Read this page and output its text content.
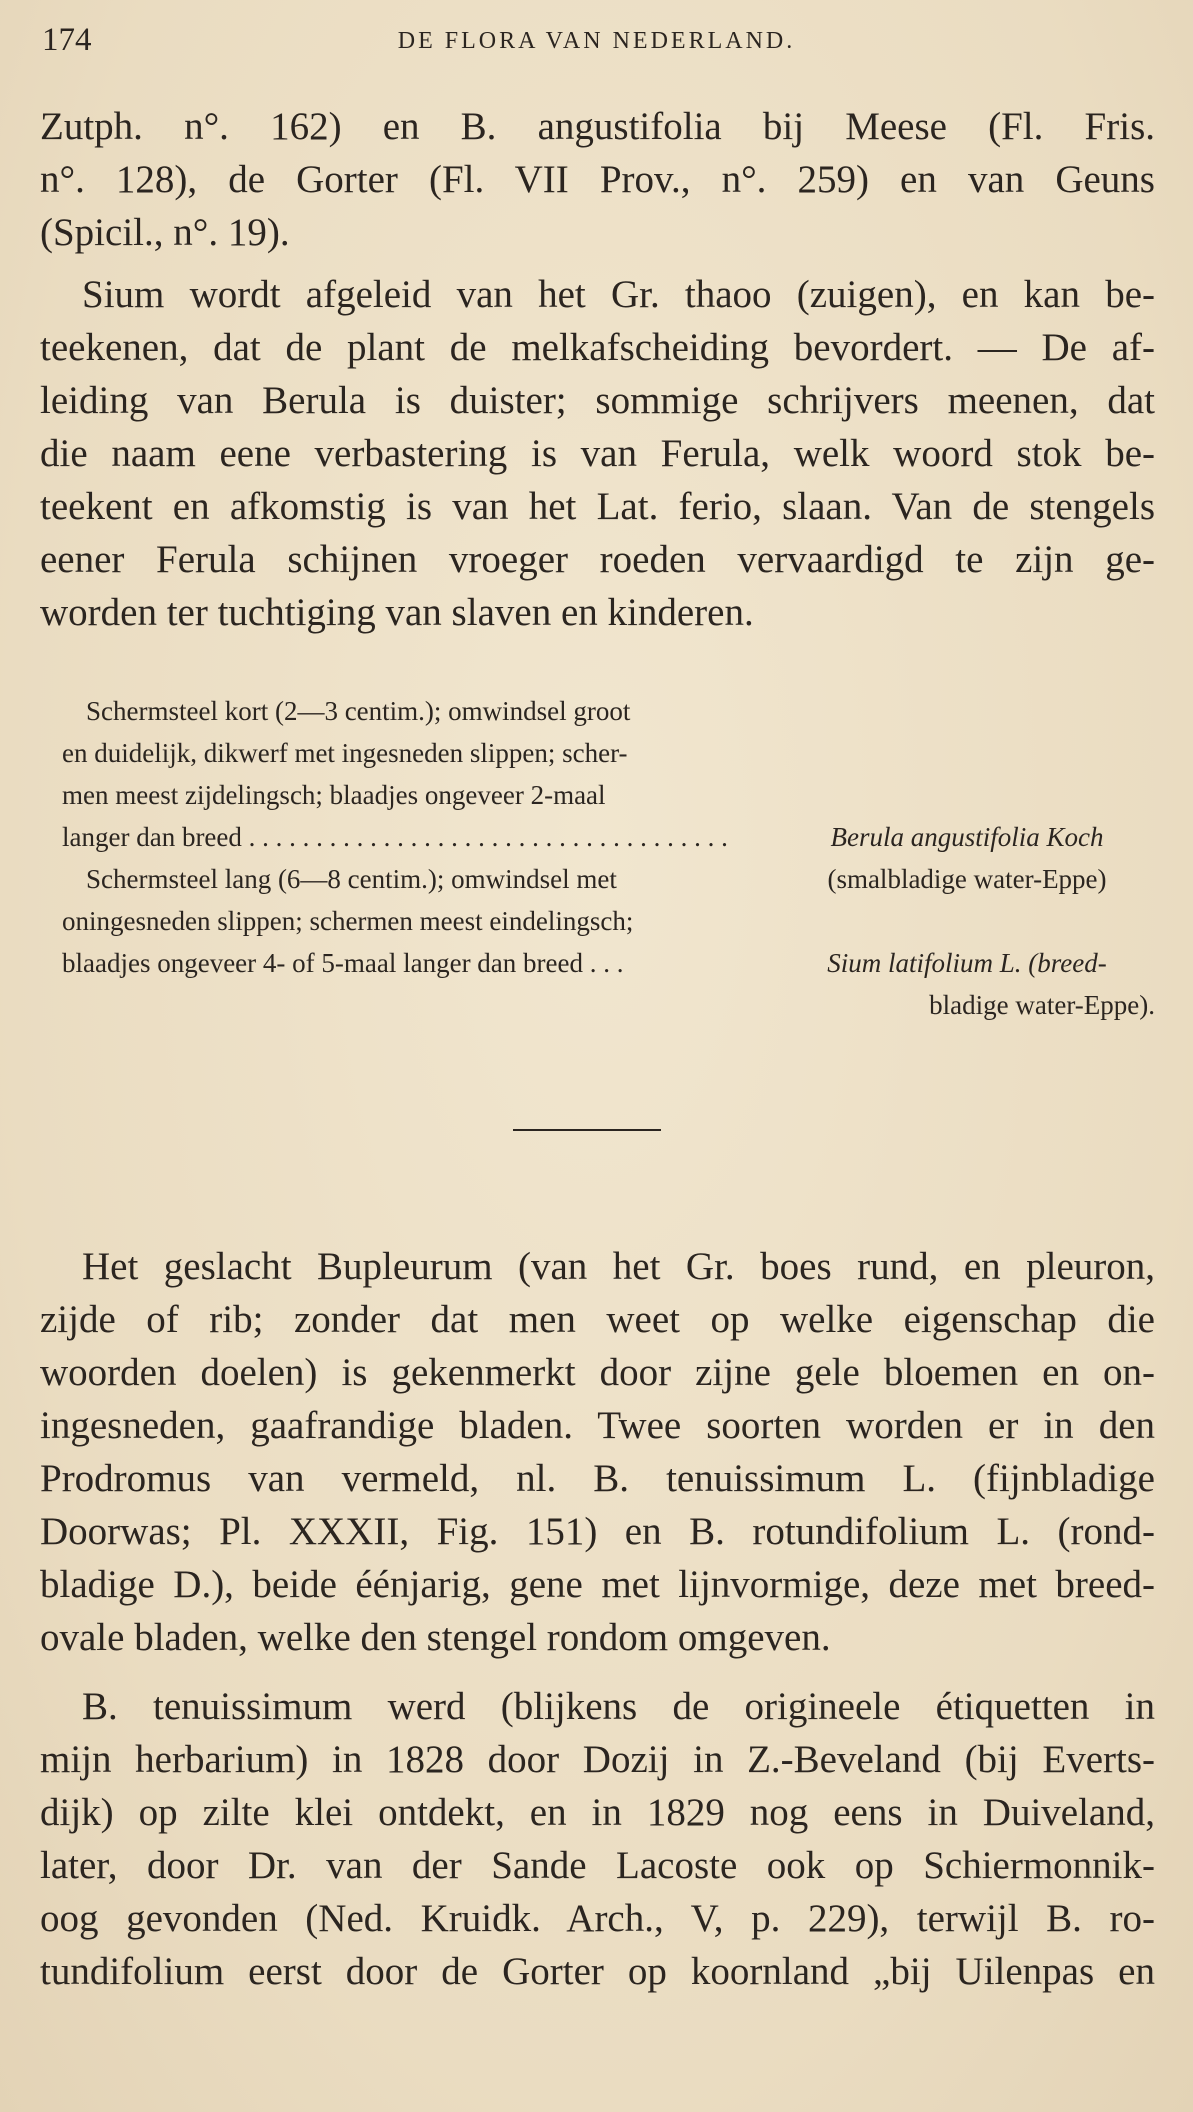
174	DE FLORA VAN NEDERLAND.
Zutph. n°. 162) en B. angustifolia bij Meese (Fl. Fris.
n°. 128), de Gorter (Fl. VII Prov., n°. 259) en van Geuns
(Spicil., n°. 19).
Sium wordt afgeleid van het Gr. thaoo (zuigen), en kan be-
teekenen, dat de plant de melkafscheiding bevordert. — De af-
leiding van Berula is duister; sommige schrijvers meenen, dat
die naam eene verbastering is van Ferula, welk woord stok be-
teekent en afkomstig is van het Lat. ferio, slaan. Van de stengels
eener Ferula schijnen vroeger roeden vervaardigd te zijn ge-
worden ter tuchtiging van slaven en kinderen.
Schermsteel kort (2—3 centim.); omwindsel groot
en duidelijk, dikwerf met ingesneden slippen; scher-
men meest zijdelingsch; blaadjes ongeveer 2-maal
langer dan breed . . . . . . . . . . . . . . . . . . . . . . . . . . . . . . . . . . . .	Berula angustifolia Koch
(smalbladige water-Eppe)
Schermsteel lang (6—8 centim.); omwindsel met
oningesneden slippen; schermen meest eindelingsch;
blaadjes ongeveer 4- of 5-maal langer dan breed . . .	Sium latifolium L. (breed-
bladige water-Eppe).
Het geslacht Bupleurum (van het Gr. boes rund, en pleuron,
zijde of rib; zonder dat men weet op welke eigenschap die
woorden doelen) is gekenmerkt door zijne gele bloemen en on-
ingesneden, gaafrandige bladen. Twee soorten worden er in den
Prodromus van vermeld, nl. B. tenuissimum L. (fijnbladige
Doorwas; Pl. XXXII, Fig. 151) en B. rotundifolium L. (rond-
bladige D.), beide éénjarig, gene met lijnvormige, deze met breed-
ovale bladen, welke den stengel rondom omgeven.
B. tenuissimum werd (blijkens de origineele étiquetten in
mijn herbarium) in 1828 door Dozij in Z.-Beveland (bij Everts-
dijk) op zilte klei ontdekt, en in 1829 nog eens in Duiveland,
later, door Dr. van der Sande Lacoste ook op Schiermonnik-
oog gevonden (Ned. Kruidk. Arch., V, p. 229), terwijl B. ro-
tundifolium eerst door de Gorter op koornland „bij Uilenpas en
